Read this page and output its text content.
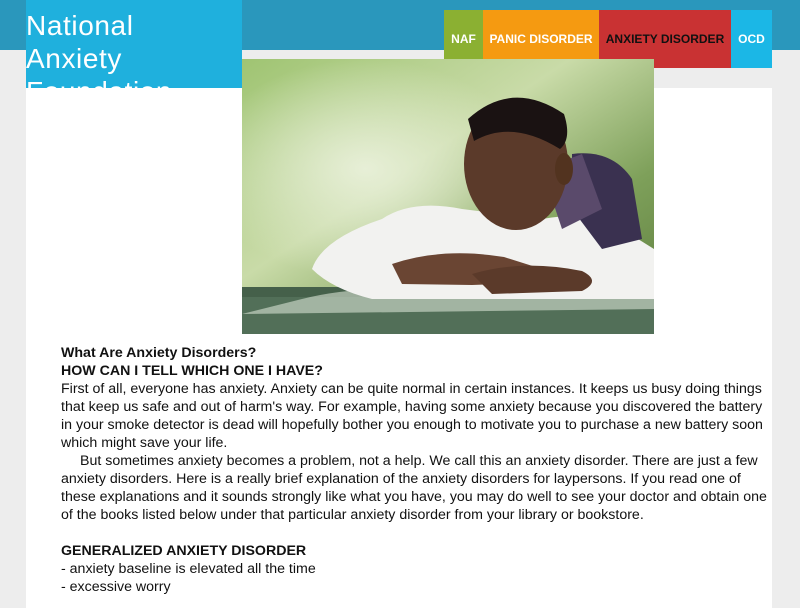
National
Anxiety
NAF	PANIC DISORDER	ANXIETY DISORDER	OCD

What Are Anxiety Disorders?

HOW CAN I TELL WHICH ONE I HAVE?

First of all, everyone has anxiety. Anxiety can be quite normal in certain instances. It keeps us busy doing things that keep us safe and out of harm's way. For example, having some anxiety because you discovered the battery in your smoke detector is dead will hopefully bother you enough to motivate you to purchase a new battery soon which might save your life.

But sometimes anxiety becomes a problem, not a help. We call this an anxiety disorder. There are just a few anxiety disorders. Here is a really brief explanation of the anxiety disorders for laypersons. If you read one of these explanations and it sounds strongly like what you have, you may do well to see your doctor and obtain one of the books listed below under that particular anxiety disorder from your library or bookstore.

GENERALIZED ANXIETY DISORDER

- anxiety baseline is elevated all the time

- excessive worry
